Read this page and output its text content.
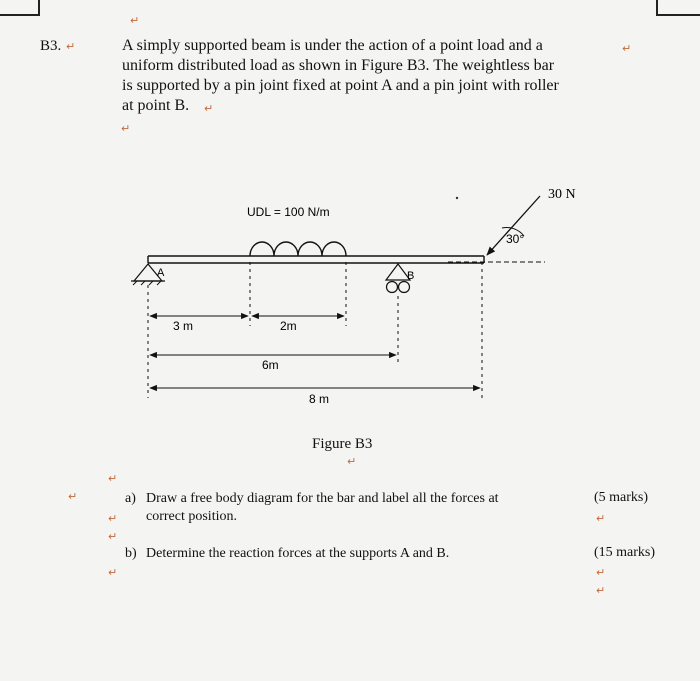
B3.	A simply supported beam is under the action of a point load and a
uniform distributed load as shown in Figure B3. The weightless bar
is supported by a pin joint fixed at point A and a pin joint with roller
at point B.
30 N
30°
UDL = 100 N/m
A	B
3 m	2m
6m
8 m
Figure B3
↵
↵	↵
↵
↵
↵
↵
↵	a) Draw a free body diagram for the bar and label all the forces at
correct position.
(5 marks)
b) Determine the reaction forces at the supports A and B.	(15 marks)
↵
↵
↵
↵
↵
↵
